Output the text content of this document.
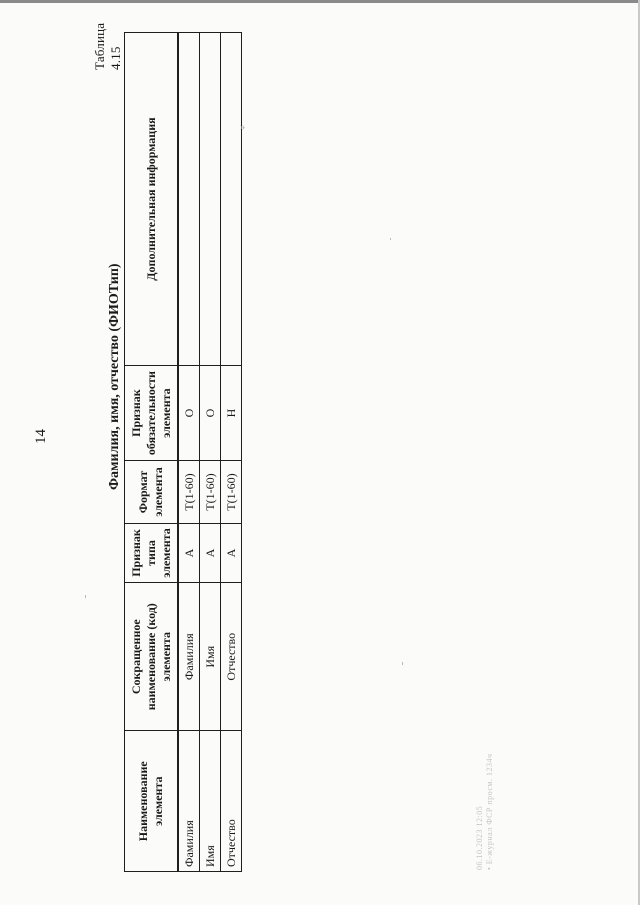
14
Таблица 4.15
Фамилия, имя, отчество (ФИОТип)
Наименование элемента	Сокращенное наименование (код) элемента	Признак типа элемента	Формат элемента	Признак обязательности элемента	Дополнительная информация
Фамилия	Фамилия	А	T(1-60)	О	
Имя	Имя	А	T(1-60)	О	
Отчество	Отчество	А	T(1-60)	Н	
»
06.10.2023 12:05 • Е-журнал ФСР просм. 1234ч
